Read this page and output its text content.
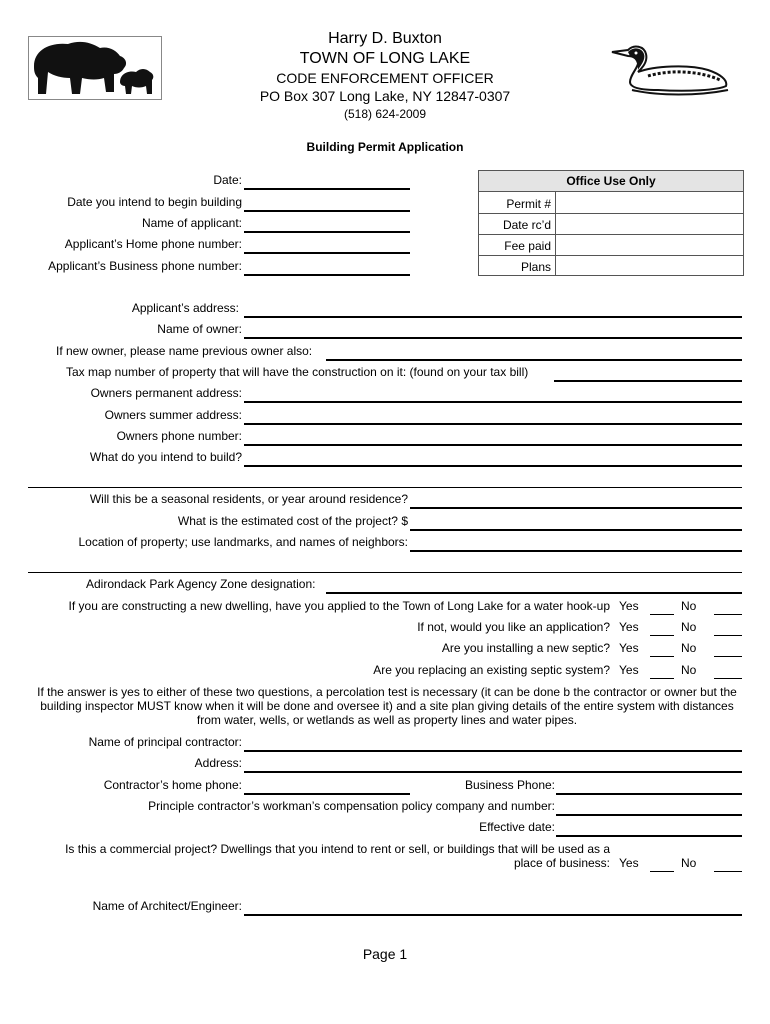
Harry D. Buxton
TOWN OF LONG LAKE
CODE ENFORCEMENT OFFICER
PO Box 307 Long Lake, NY 12847-0307
(518) 624-2009
Building Permit Application
Date:
Date you intend to begin building
Name of applicant:
Applicant’s Home phone number:
Applicant’s Business phone number:
Office Use Only
Permit #
Date rc’d
Fee paid
Plans
Applicant’s address:
Name of owner:
If new owner, please name previous owner also:
Tax map number of property that will have the construction on it: (found on your tax bill)
Owners permanent address:
Owners summer address:
Owners phone number:
What do you intend to build?
Will this be a seasonal residents, or year around residence?
What is the estimated cost of the project? $
Location of property; use landmarks, and names of neighbors:
Adirondack Park Agency Zone designation:
If you are constructing a new dwelling, have you applied to the Town of Long Lake for a water hook-up Yes	No
If not, would you like an application? Yes	No
Are you installing a new septic? Yes	No
Are you replacing an existing septic system? Yes	No
If the answer is yes to either of these two questions, a percolation test is necessary (it can be done b the contractor or owner but the building inspector MUST know when it will be done and oversee it) and a site plan giving details of the entire system with distances from water, wells, or wetlands as well as property lines and water pipes.
Name of principal contractor:
Address:
Contractor’s home phone:	Business Phone:
Principle contractor’s workman’s compensation policy company and number:
Effective date:
Is this a commercial project? Dwellings that you intend to rent or sell, or buildings that will be used as a
place of business: Yes	No
Name of Architect/Engineer:
Page 1
